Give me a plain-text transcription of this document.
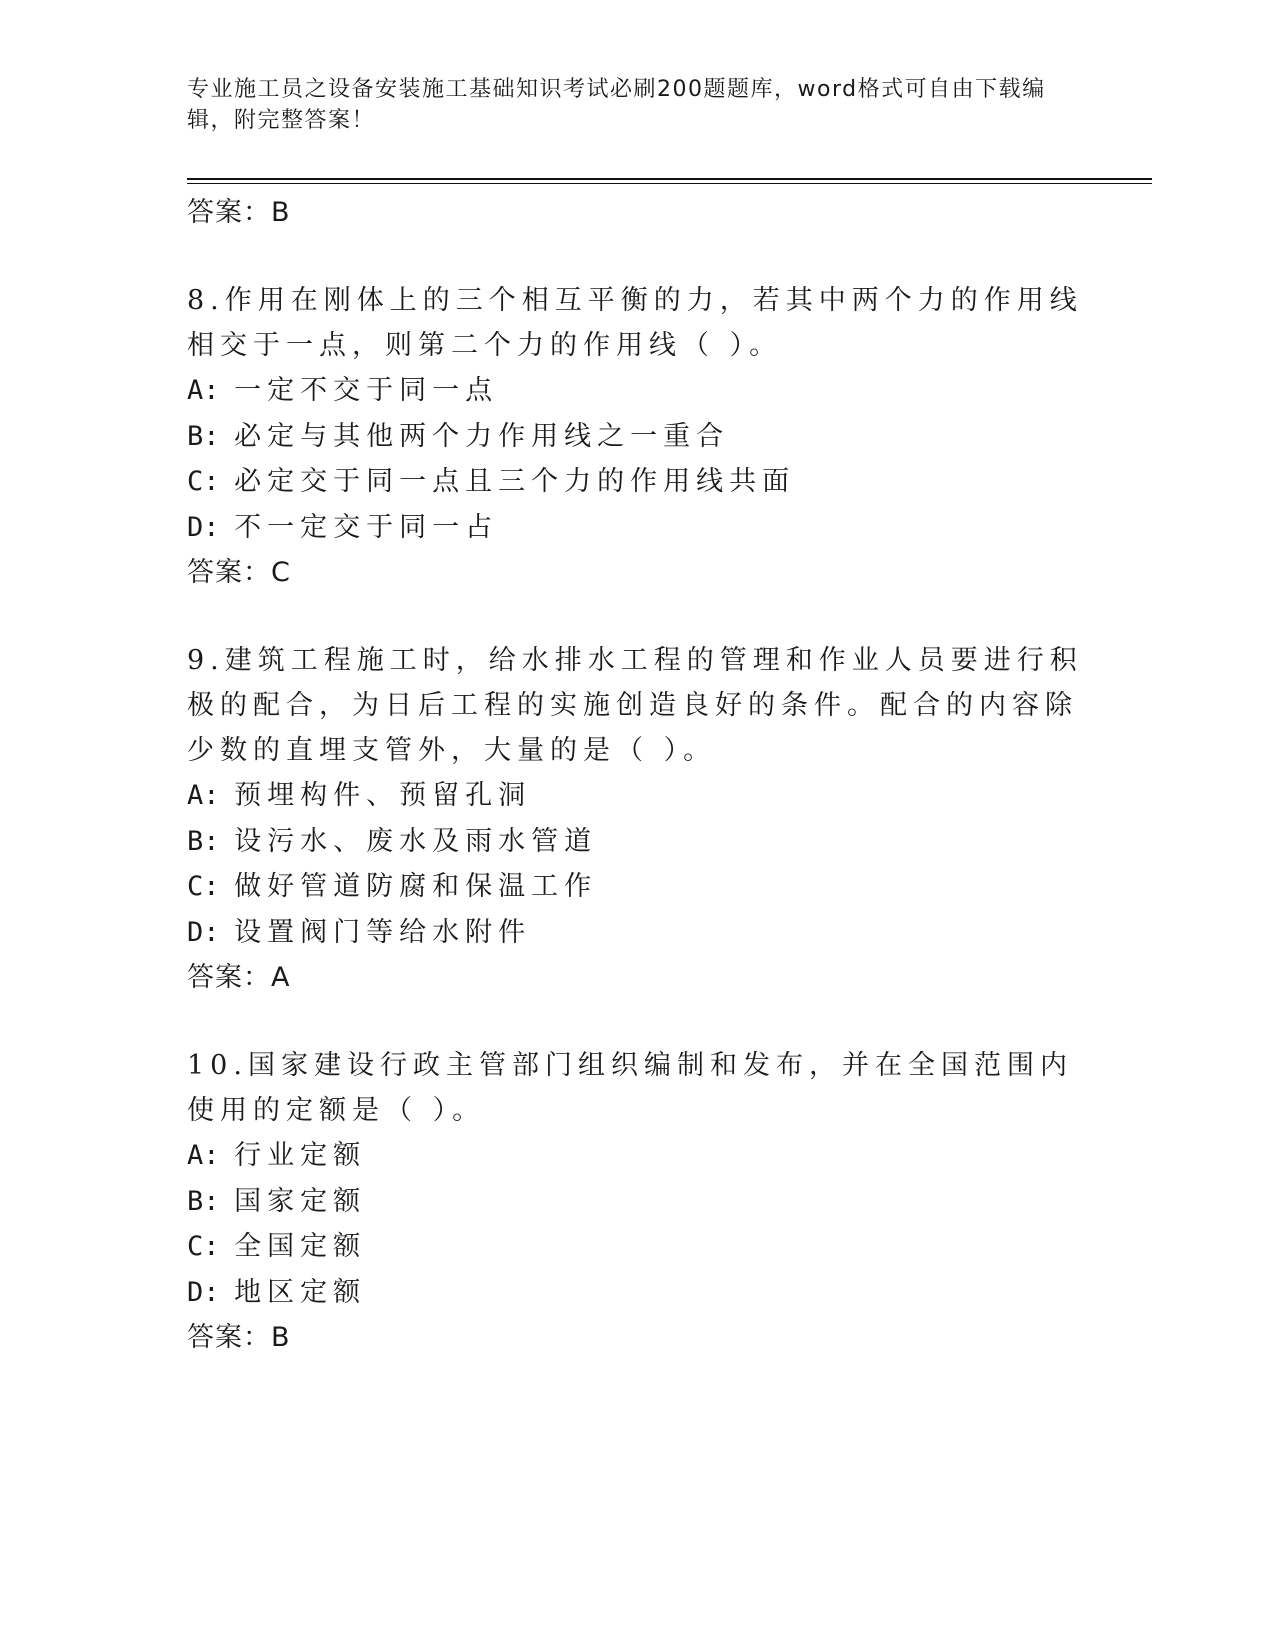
专业施工员之设备安装施工基础知识考试必刷200题题库，word格式可自由下载编辑，附完整答案！
答案：B

8.作用在刚体上的三个相互平衡的力，若其中两个力的作用线相交于一点，则第二个力的作用线（ ）。

A: 一定不交于同一点
B: 必定与其他两个力作用线之一重合
C: 必定交于同一点且三个力的作用线共面
D: 不一定交于同一占
答案：C

9.建筑工程施工时，给水排水工程的管理和作业人员要进行积极的配合，为日后工程的实施创造良好的条件。配合的内容除少数的直埋支管外，大量的是（ ）。

A: 预埋构件、预留孔洞
B: 设污水、废水及雨水管道
C: 做好管道防腐和保温工作
D: 设置阀门等给水附件
答案：A

10.国家建设行政主管部门组织编制和发布，并在全国范围内使用的定额是（ ）。

A: 行业定额
B: 国家定额
C: 全国定额
D: 地区定额
答案：B
